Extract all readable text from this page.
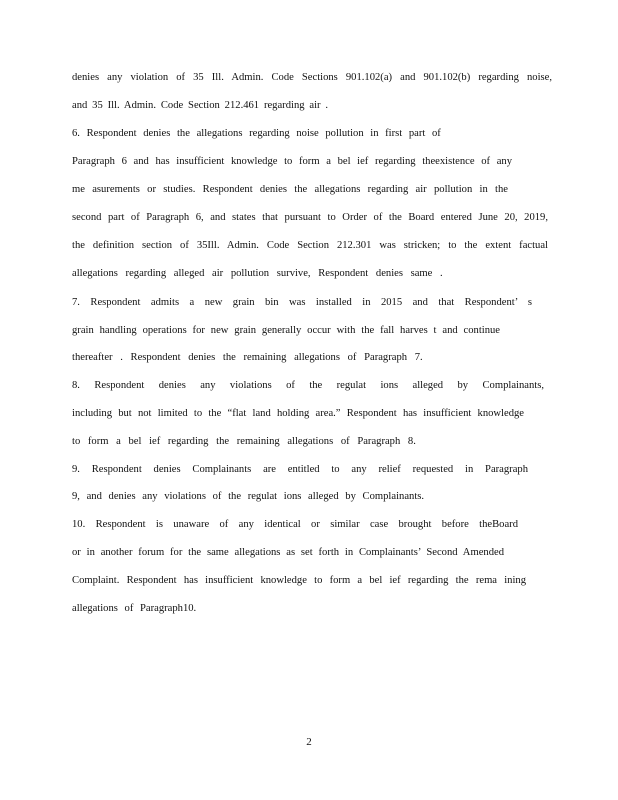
denies any violation of 35 Ill. Admin. Code Sections 901.102(a) and 901.102(b) regarding noise,
and 35 Ill. Admin. Code Section 212.461 regarding air .
6. Respondent denies the allegations regarding noise pollution in first part of
Paragraph 6 and has insufficient knowledge to form a bel ief regarding theexistence of any
me asurements or studies. Respondent denies the allegations regarding air pollution in the
second part of Paragraph 6, and states that pursuant to Order of the Board entered June 20, 2019,
the definition section of 35Ill. Admin. Code Section 212.301 was stricken; to the extent factual
allegations regarding alleged air pollution survive, Respondent denies same .
7. Respondent admits a new grain bin was installed in 2015 and that Respondent’ s
grain handling operations for new grain generally occur with the fall harves t and continue
thereafter . Respondent denies the remaining allegations of Paragraph 7.
8. Respondent denies any violations of the regulat ions alleged by Complainants,
including but not limited to the “flat land holding area.” Respondent has insufficient knowledge
to form a bel ief regarding the remaining allegations of Paragraph 8.
9. Respondent denies Complainants are entitled to any relief requested in Paragraph
9, and denies any violations of the regulat ions alleged by Complainants.
10. Respondent is unaware of any identical or similar case brought before theBoard
or in another forum for the same allegations as set forth in Complainants’ Second Amended
Complaint. Respondent has insufficient knowledge to form a bel ief regarding the rema ining
allegations of Paragraph10.
2
